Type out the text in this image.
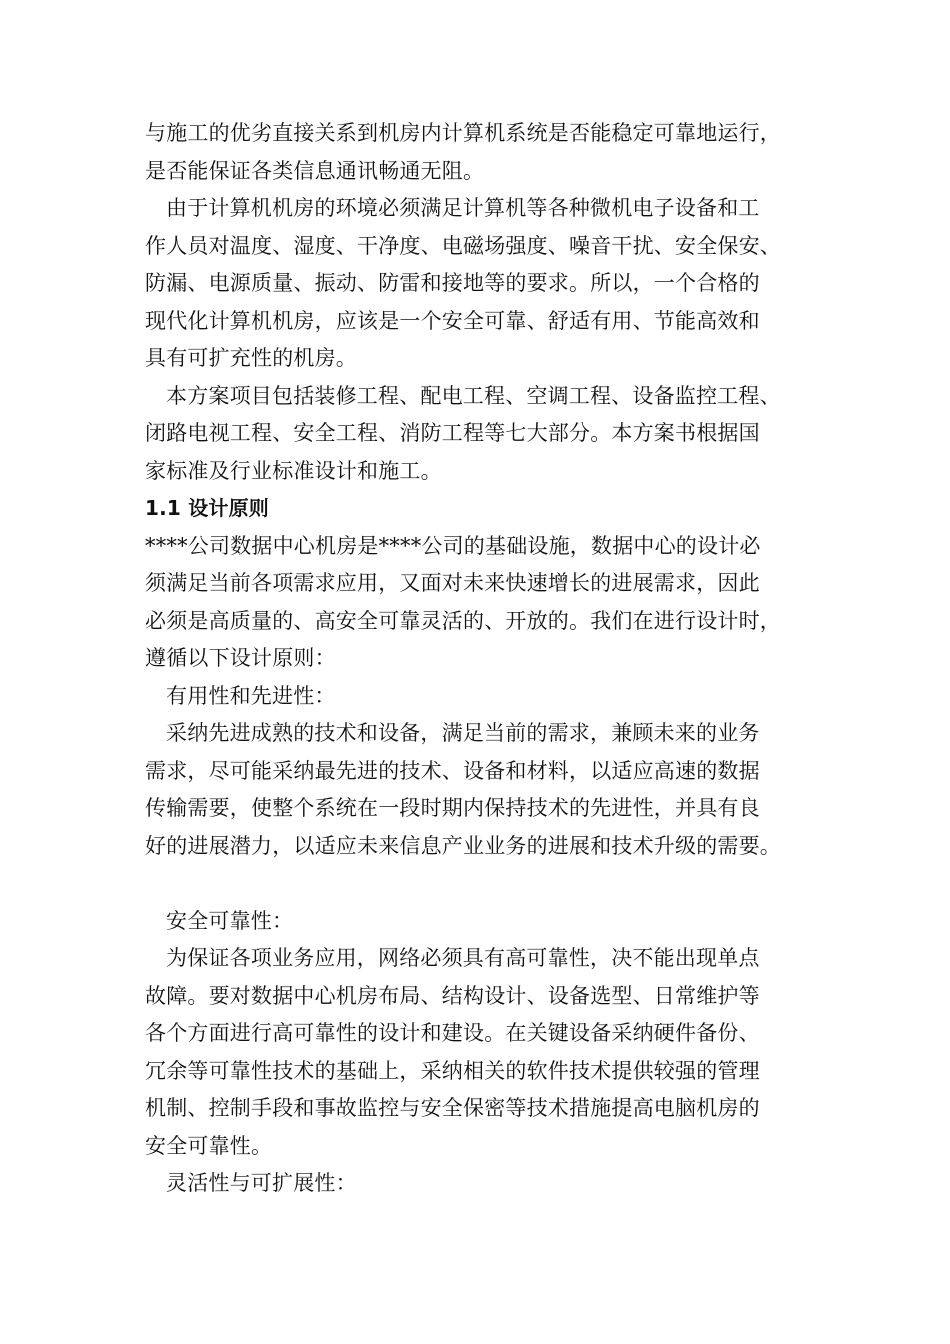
与施工的优劣直接关系到机房内计算机系统是否能稳定可靠地运行，
是否能保证各类信息通讯畅通无阻。
由于计算机机房的环境必须满足计算机等各种微机电子设备和工
作人员对温度、湿度、干净度、电磁场强度、噪音干扰、安全保安、
防漏、电源质量、振动、防雷和接地等的要求。所以，一个合格的
现代化计算机机房，应该是一个安全可靠、舒适有用、节能高效和
具有可扩充性的机房。
本方案项目包括装修工程、配电工程、空调工程、设备监控工程、
闭路电视工程、安全工程、消防工程等七大部分。本方案书根据国
家标准及行业标准设计和施工。
1.1 设计原则
****公司数据中心机房是****公司的基础设施，数据中心的设计必
须满足当前各项需求应用，又面对未来快速增长的进展需求，因此
必须是高质量的、高安全可靠灵活的、开放的。我们在进行设计时，
遵循以下设计原则：
有用性和先进性：
采纳先进成熟的技术和设备，满足当前的需求，兼顾未来的业务
需求，尽可能采纳最先进的技术、设备和材料，以适应高速的数据
传输需要，使整个系统在一段时期内保持技术的先进性，并具有良
好的进展潜力，以适应未来信息产业业务的进展和技术升级的需要。
安全可靠性：
为保证各项业务应用，网络必须具有高可靠性，决不能出现单点
故障。要对数据中心机房布局、结构设计、设备选型、日常维护等
各个方面进行高可靠性的设计和建设。在关键设备采纳硬件备份、
冗余等可靠性技术的基础上，采纳相关的软件技术提供较强的管理
机制、控制手段和事故监控与安全保密等技术措施提高电脑机房的
安全可靠性。
灵活性与可扩展性：
